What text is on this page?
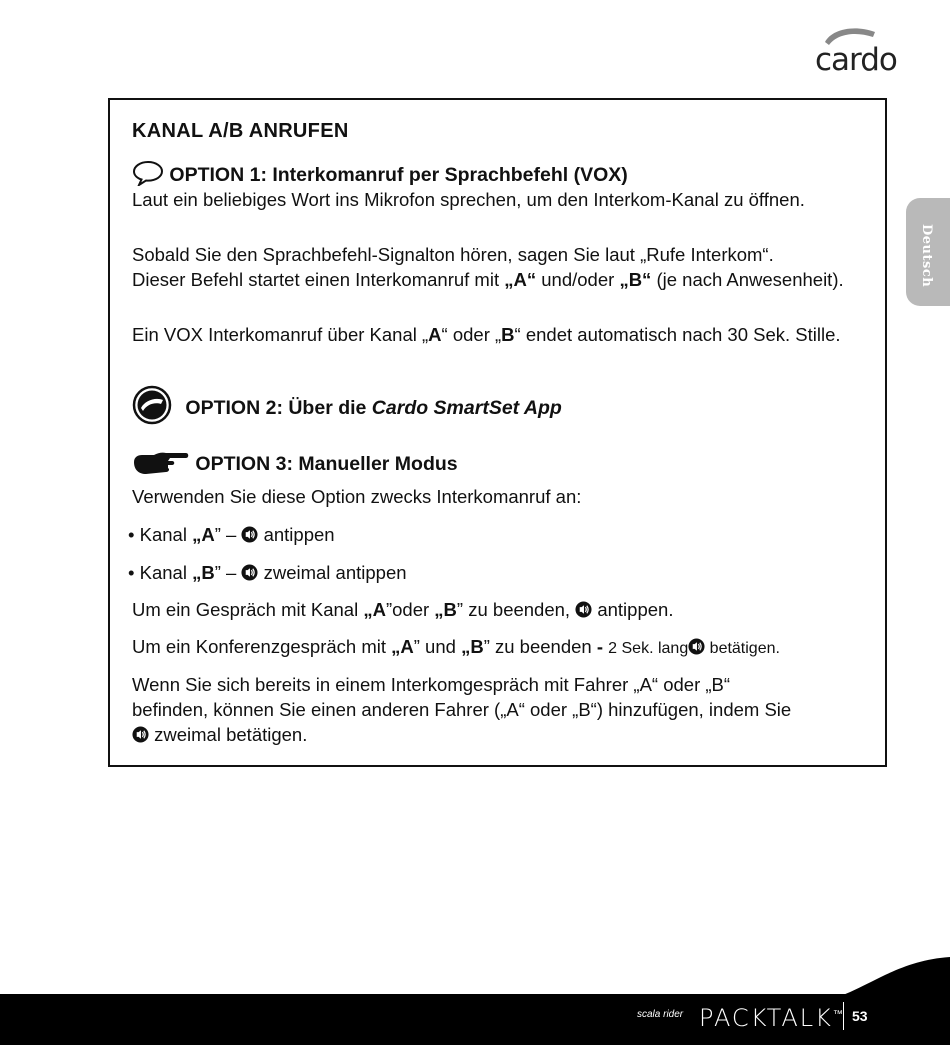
cardo
Deutsch
KANAL A/B ANRUFEN
OPTION 1: Interkomanruf per Sprachbefehl (VOX)
Laut ein beliebiges Wort ins Mikrofon sprechen, um den Interkom-Kanal zu öffnen.
Sobald Sie den Sprachbefehl-Signalton hören, sagen Sie laut „Rufe Interkom“.
Dieser Befehl startet einen Interkomanruf mit „A“ und/oder „B“ (je nach Anwesenheit).
Ein VOX Interkomanruf über Kanal „A“ oder „B“ endet automatisch nach 30 Sek. Stille.
OPTION 2: Über die Cardo SmartSet App
OPTION 3: Manueller Modus
Verwenden Sie diese Option zwecks Interkomanruf an:
• Kanal „A” –  antippen
• Kanal „B” –  zweimal antippen
Um ein Gespräch mit Kanal „A”oder „B” zu beenden,  antippen.
Um ein Konferenzgespräch mit „A” und „B” zu beenden - 2 Sek. lang betätigen.
Wenn Sie sich bereits in einem Interkomgespräch mit Fahrer „A“ oder „B“
befinden, können Sie einen anderen Fahrer („A“ oder „B“) hinzufügen, indem Sie
zweimal betätigen.
scala rider PACKTALK™ 53
